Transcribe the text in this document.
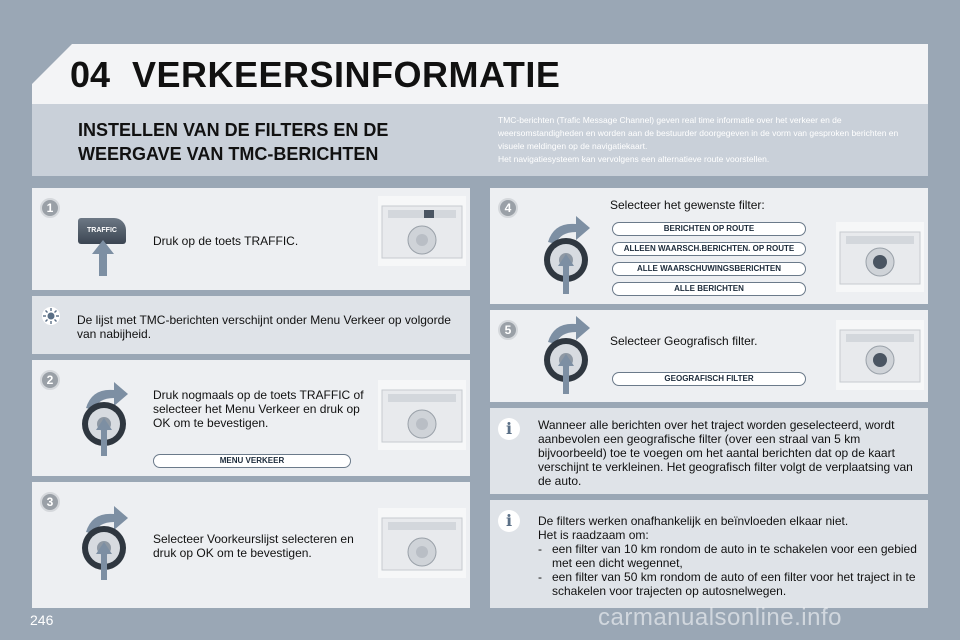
04 VERKEERSINFORMATIE
INSTELLEN VAN DE FILTERS EN DE WEERGAVE VAN TMC-BERICHTEN

TMC-berichten (Trafic Message Channel) geven real time informatie over het verkeer en de weersomstandigheden en worden aan de bestuurder doorgegeven in de vorm van gesproken berichten en visuele meldingen op de navigatiekaart.

Het navigatiesysteem kan vervolgens een alternatieve route voorstellen.

1
TRAFFIC
Druk op de toets TRAFFIC.
De lijst met TMC-berichten verschijnt onder Menu Verkeer op volgorde van nabijheid.
2
Druk nogmaals op de toets TRAFFIC of selecteer het Menu Verkeer en druk op OK om te bevestigen.
MENU VERKEER
3
Selecteer Voorkeurslijst selecteren en druk op OK om te bevestigen.
4	Selecteer het gewenste filter:
BERICHTEN OP ROUTE
ALLEEN WAARSCH.BERICHTEN. OP ROUTE
ALLE WAARSCHUWINGSBERICHTEN
ALLE BERICHTEN
5
Selecteer Geografisch filter.
GEOGRAFISCH FILTER
i	Wanneer alle berichten over het traject worden geselecteerd, wordt aanbevolen een geografische filter (over een straal van 5 km bijvoorbeeld) toe te voegen om het aantal berichten dat op de kaart verschijnt te verkleinen. Het geografisch filter volgt de verplaatsing van de auto.
i	De filters werken onafhankelijk en beïnvloeden elkaar niet.
Het is raadzaam om:
-   een filter van 10 km rondom de auto in te schakelen voor een gebied met een dicht wegennet,
-   een filter van 50 km rondom de auto of een filter voor het traject in te schakelen voor trajecten op autosnelwegen.
246	carmanualsonline.info
